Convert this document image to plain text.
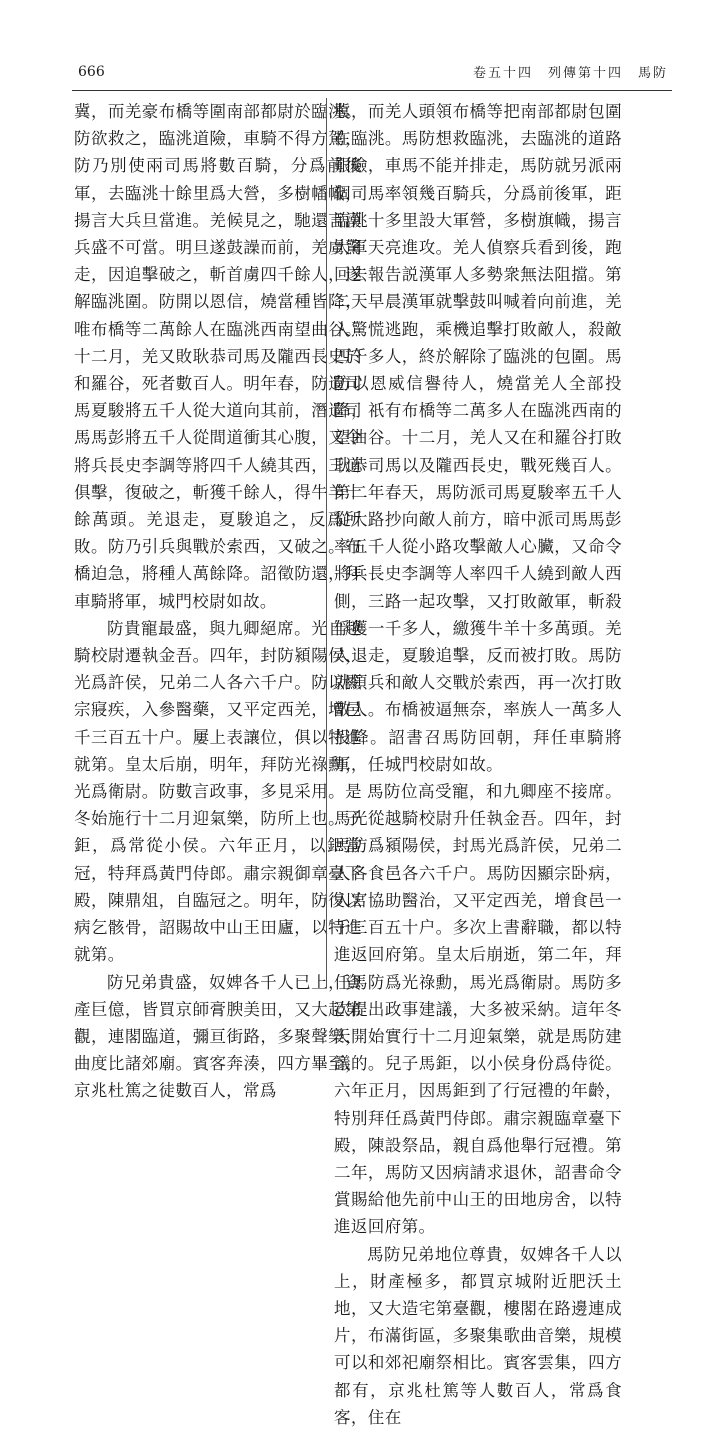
666	卷五十四　列傳第十四　馬防

冀，而羌豪布橋等圍南部都尉於臨洮。防欲救之，臨洮道險，車騎不得方駕，防乃別使兩司馬將數百騎，分爲前後軍，去臨洮十餘里爲大營，多樹幡幟，揚言大兵旦當進。羌候見之，馳還言漢兵盛不可當。明旦遂鼓譟而前，羌虜驚走，因追擊破之，斬首虜四千餘人，遂解臨洮圍。防開以恩信，燒當種皆降，唯布橋等二萬餘人在臨洮西南望曲谷。十二月，羌又敗耿恭司馬及隴西長史於和羅谷，死者數百人。明年春，防遣司馬夏駿將五千人從大道向其前，潛遣司馬馬彭將五千人從間道衝其心腹，又令將兵長史李調等將四千人繞其西，三道俱擊，復破之，斬獲千餘人，得牛羊十餘萬頭。羌退走，夏駿追之，反爲所敗。防乃引兵與戰於索西，又破之。布橋迫急，將種人萬餘降。詔徵防還，拜車騎將軍，城門校尉如故。

防貴寵最盛，與九卿絕席。光自越騎校尉遷執金吾。四年，封防潁陽侯，光爲許侯，兄弟二人各六千户。防以顯宗寢疾，入參醫藥，又平定西羌，增邑千三百五十户。屢上表讓位，俱以特進就第。皇太后崩，明年，拜防光祿勳，光爲衛尉。防數言政事，多見采用。是冬始施行十二月迎氣樂，防所上也。子鉅，爲常從小侯。六年正月，以鉅當冠，特拜爲黃門侍郎。肅宗親御章臺下殿，陳鼎俎，自臨冠之。明年，防復以病乞骸骨，詔賜故中山王田廬，以特進就第。

防兄弟貴盛，奴婢各千人已上，資產巨億，皆買京師膏腴美田，又大起第觀，連閣臨道，彌亘街路，多聚聲樂，曲度比諸郊廟。賓客奔湊，四方畢至，京兆杜篤之徒數百人，常爲

冀，而羌人頭領布橋等把南部都尉包圍在臨洮。馬防想救臨洮，去臨洮的道路艱險，車馬不能并排走，馬防就另派兩個司馬率領幾百騎兵，分爲前後軍，距臨洮十多里設大軍營，多樹旗幟，揚言大軍天亮進攻。羌人偵察兵看到後，跑回去報告説漢軍人多勢衆無法阻擋。第二天早晨漢軍就擊鼓叫喊着向前進，羌人驚慌逃跑，乘機追擊打敗敵人，殺敵四千多人，終於解除了臨洮的包圍。馬防以恩威信譽待人，燒當羌人全部投降，祇有布橋等二萬多人在臨洮西南的望曲谷。十二月，羌人又在和羅谷打敗耿恭司馬以及隴西長史，戰死幾百人。第二年春天，馬防派司馬夏駿率五千人從大路抄向敵人前方，暗中派司馬馬彭率五千人從小路攻擊敵人心臟，又命令將兵長史李調等人率四千人繞到敵人西側，三路一起攻擊，又打敗敵軍，斬殺俘獲一千多人，繳獲牛羊十多萬頭。羌人退走，夏駿追擊，反而被打敗。馬防就領兵和敵人交戰於索西，再一次打敗敵人。布橋被逼無奈，率族人一萬多人投降。詔書召馬防回朝，拜任車騎將軍，任城門校尉如故。

馬防位高受寵，和九卿座不接席。馬光從越騎校尉升任執金吾。四年，封馬防爲潁陽侯，封馬光爲許侯，兄弟二人各食邑各六千户。馬防因顯宗卧病，入宮協助醫治，又平定西羌，增食邑一千三百五十户。多次上書辭職，都以特進返回府第。皇太后崩逝，第二年，拜任馬防爲光祿勳，馬光爲衛尉。馬防多次提出政事建議，大多被采納。這年冬天開始實行十二月迎氣樂，就是馬防建議的。兒子馬鉅，以小侯身份爲侍從。六年正月，因馬鉅到了行冠禮的年齡，特別拜任爲黃門侍郎。肅宗親臨章臺下殿，陳設祭品，親自爲他舉行冠禮。第二年，馬防又因病請求退休，詔書命令賞賜給他先前中山王的田地房舍，以特進返回府第。

馬防兄弟地位尊貴，奴婢各千人以上，財產極多，都買京城附近肥沃土地，又大造宅第臺觀，樓閣在路邊連成片，布滿街區，多聚集歌曲音樂，規模可以和郊祀廟祭相比。賓客雲集，四方都有，京兆杜篤等人數百人，常爲食客，住在
